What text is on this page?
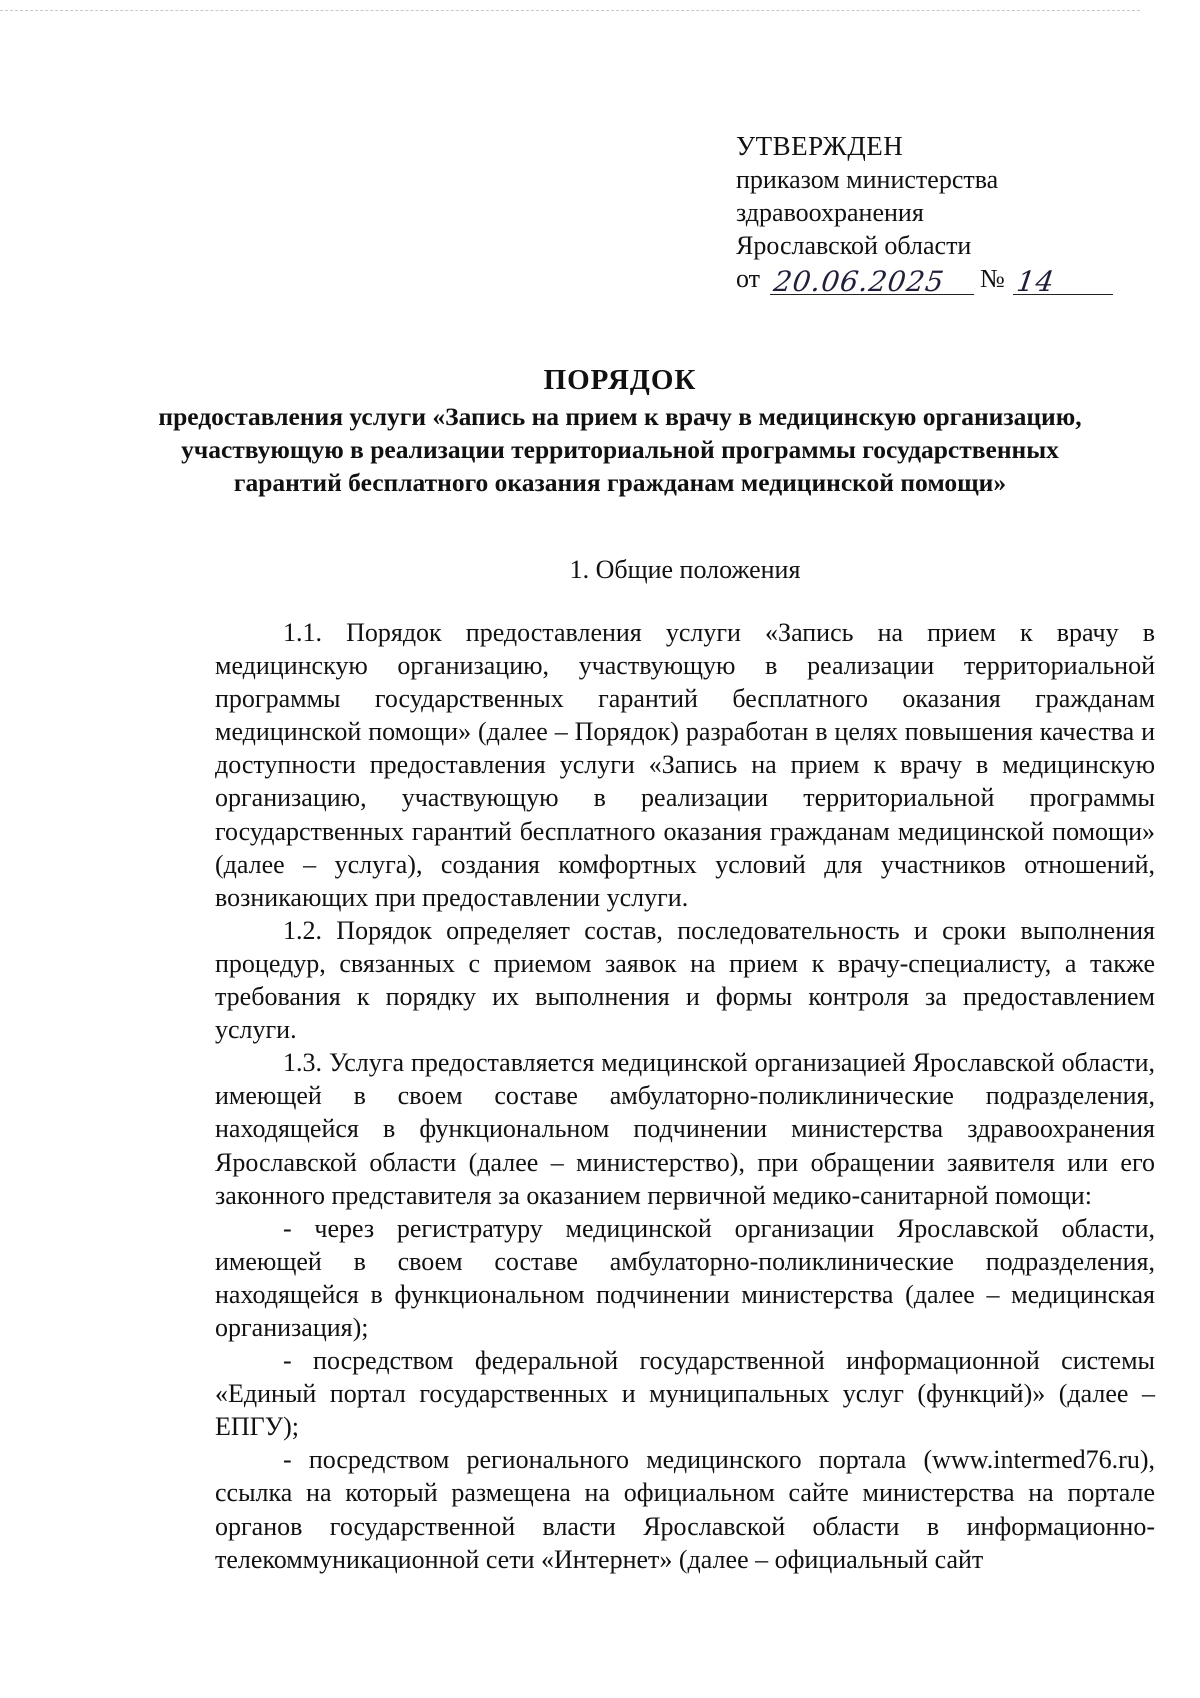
УТВЕРЖДЕН
приказом министерства
здравоохранения
Ярославской области
от 20.06.2025 № 14
ПОРЯДОК
предоставления услуги «Запись на прием к врачу в медицинскую организацию, участвующую в реализации территориальной программы государственных гарантий бесплатного оказания гражданам медицинской помощи»
1. Общие положения

1.1. Порядок предоставления услуги «Запись на прием к врачу в медицинскую организацию, участвующую в реализации территориальной программы государственных гарантий бесплатного оказания гражданам медицинской помощи» (далее – Порядок) разработан в целях повышения качества и доступности предоставления услуги «Запись на прием к врачу в медицинскую организацию, участвующую в реализации территориальной программы государственных гарантий бесплатного оказания гражданам медицинской помощи» (далее – услуга), создания комфортных условий для участников отношений, возникающих при предоставлении услуги.

1.2. Порядок определяет состав, последовательность и сроки выполнения процедур, связанных с приемом заявок на прием к врачу-специалисту, а также требования к порядку их выполнения и формы контроля за предоставлением услуги.

1.3. Услуга предоставляется медицинской организацией Ярославской области, имеющей в своем составе амбулаторно-поликлинические подразделения, находящейся в функциональном подчинении министерства здравоохранения Ярославской области (далее – министерство), при обращении заявителя или его законного представителя за оказанием первичной медико-санитарной помощи:

- через регистратуру медицинской организации Ярославской области, имеющей в своем составе амбулаторно-поликлинические подразделения, находящейся в функциональном подчинении министерства (далее – медицинская организация);

- посредством федеральной государственной информационной системы «Единый портал государственных и муниципальных услуг (функций)» (далее – ЕПГУ);

- посредством регионального медицинского портала (www.intermed76.ru), ссылка на который размещена на официальном сайте министерства на портале органов государственной власти Ярославской области в информационно-телекоммуникационной сети «Интернет» (далее – официальный сайт
